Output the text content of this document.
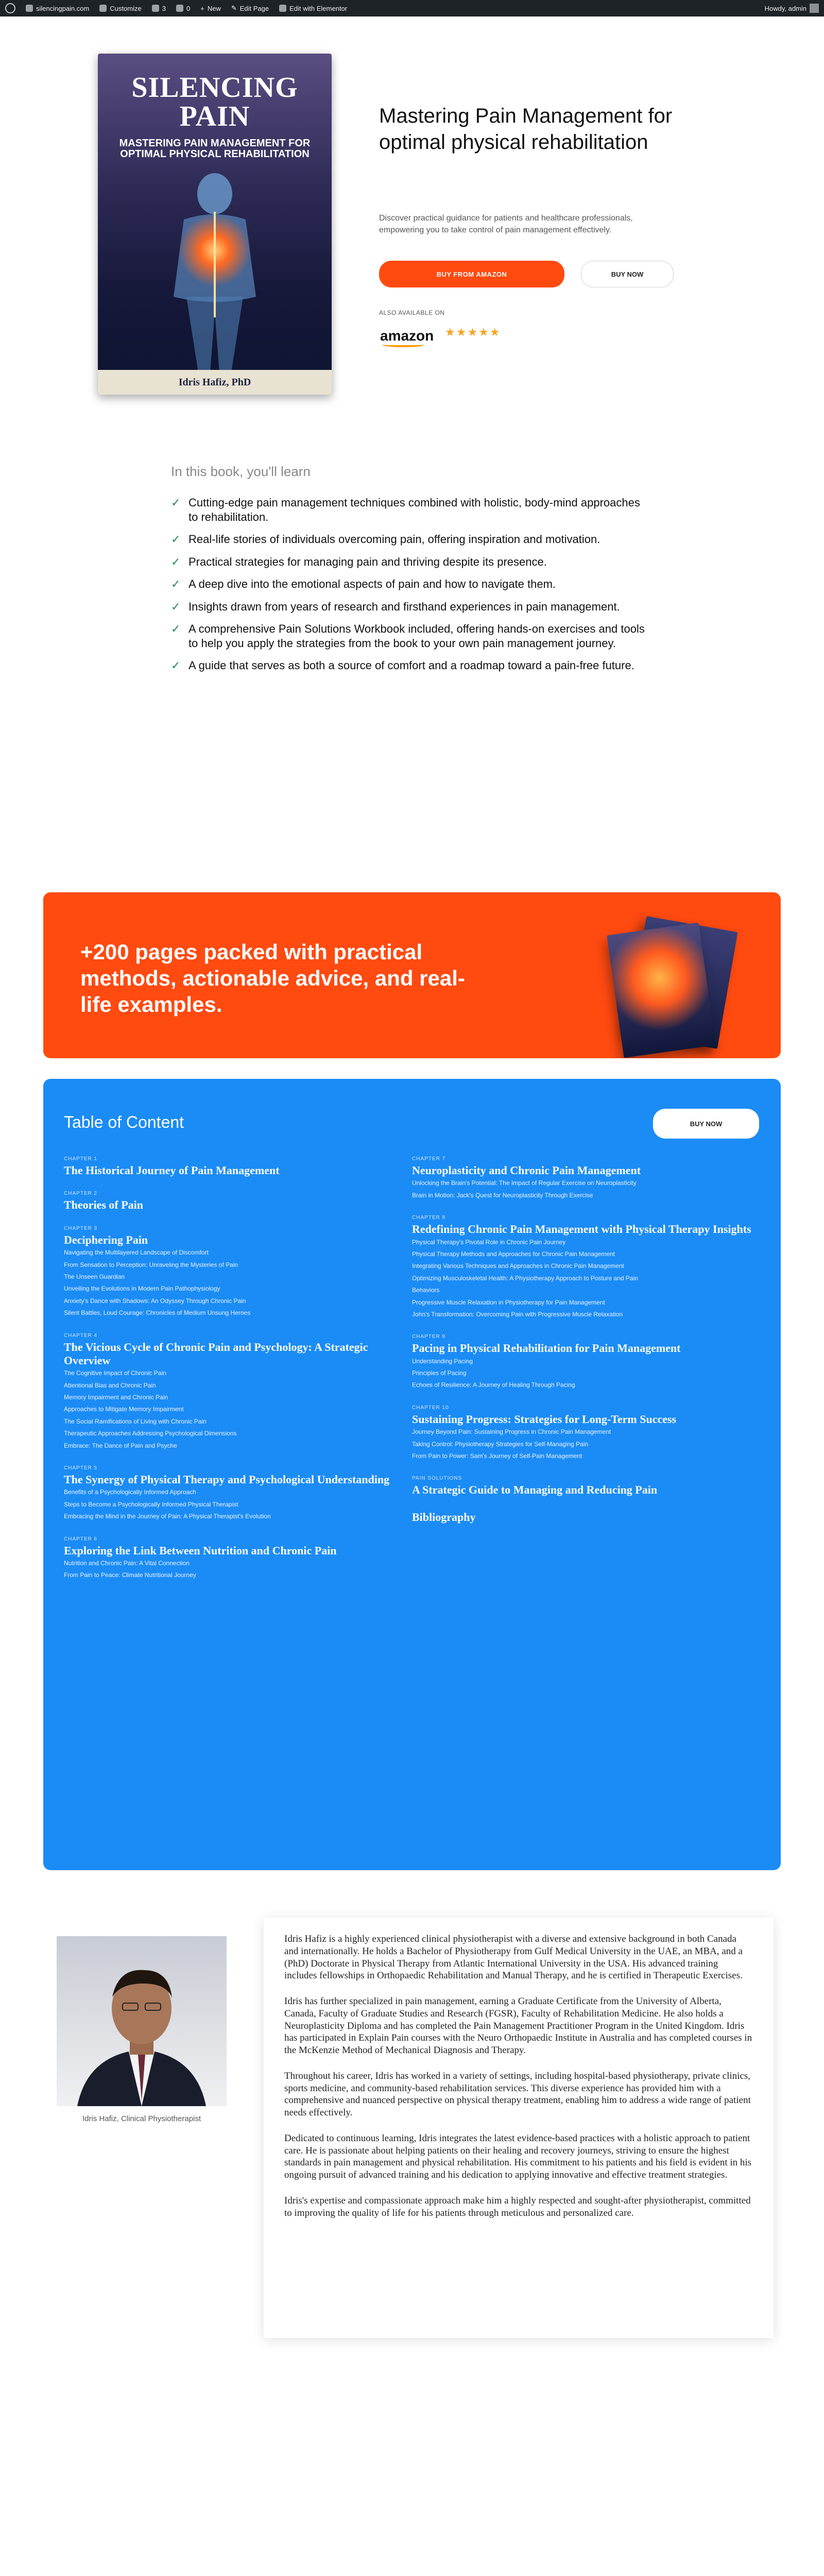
silencingpain.com	Customize	3	0 + New ✎ Edit Page	Edit with Elementor	Howdy, admin
SILENCING PAIN
MASTERING PAIN MANAGEMENT FOR OPTIMAL PHYSICAL REHABILITATION
Idris Hafiz, PhD
Mastering Pain Management for optimal physical rehabilitation
Discover practical guidance for patients and healthcare professionals, empowering you to take control of pain management effectively.
BUY FROM AMAZON	BUY NOW
ALSO AVAILABLE ON
amazon
★★★★★
In this book, you'll learn
✓ Cutting-edge pain management techniques combined with holistic, body-mind approaches to rehabilitation.
✓ Real-life stories of individuals overcoming pain, offering inspiration and motivation.
✓ Practical strategies for managing pain and thriving despite its presence.
✓ A deep dive into the emotional aspects of pain and how to navigate them.
✓ Insights drawn from years of research and firsthand experiences in pain management.
✓ A comprehensive Pain Solutions Workbook included, offering hands-on exercises and tools to help you apply the strategies from the book to your own pain management journey.
✓ A guide that serves as both a source of comfort and a roadmap toward a pain-free future.
+200 pages packed with practical methods, actionable advice, and real-life examples.
Table of Content	BUY NOW
CHAPTER 1
The Historical Journey of Pain Management
CHAPTER 2
Theories of Pain
CHAPTER 3
Deciphering Pain
Navigating the Multilayered Landscape of Discomfort
From Sensation to Perception: Unraveling the Mysteries of Pain
The Unseen Guardian
Unveiling the Evolutions in Modern Pain Pathophysiology
Anxiety's Dance with Shadows: An Odyssey Through Chronic Pain
Silent Battles, Loud Courage: Chronicles of Medium Unsung Heroes
CHAPTER 4
The Vicious Cycle of Chronic Pain and Psychology: A Strategic Overview
The Cognitive Impact of Chronic Pain
Attentional Bias and Chronic Pain
Memory Impairment and Chronic Pain
Approaches to Mitigate Memory Impairment
The Social Ramifications of Living with Chronic Pain
Therapeutic Approaches Addressing Psychological Dimensions
Embrace: The Dance of Pain and Psyche
CHAPTER 5
The Synergy of Physical Therapy and Psychological Understanding
Benefits of a Psychologically Informed Approach
Steps to Become a Psychologically Informed Physical Therapist
Embracing the Mind in the Journey of Pain: A Physical Therapist's Evolution
CHAPTER 6
Exploring the Link Between Nutrition and Chronic Pain
Nutrition and Chronic Pain: A Vital Connection
From Pain to Peace: Climate Nutritional Journey
CHAPTER 7
Neuroplasticity and Chronic Pain Management
Unlocking the Brain's Potential: The Impact of Regular Exercise on Neuroplasticity
Brain in Motion: Jack's Quest for Neuroplasticity Through Exercise
CHAPTER 8
Redefining Chronic Pain Management with Physical Therapy Insights
Physical Therapy's Pivotal Role in Chronic Pain Journey
Physical Therapy Methods and Approaches for Chronic Pain Management
Integrating Various Techniques and Approaches in Chronic Pain Management
Optimizing Musculoskeletal Health: A Physiotherapy Approach to Posture and Pain
Behaviors
Progressive Muscle Relaxation in Physiotherapy for Pain Management
John's Transformation: Overcoming Pain with Progressive Muscle Relaxation
CHAPTER 9
Pacing in Physical Rehabilitation for Pain Management
Understanding Pacing
Principles of Pacing
Echoes of Resilience: A Journey of Healing Through Pacing
CHAPTER 10
Sustaining Progress: Strategies for Long-Term Success
Journey Beyond Pain: Sustaining Progress in Chronic Pain Management
Taking Control: Physiotherapy Strategies for Self-Managing Pain
From Pain to Power: Sam's Journey of Self-Pain Management
PAIN SOLUTIONS
A Strategic Guide to Managing and Reducing Pain
Bibliography
Idris Hafiz, Clinical Physiotherapist

Idris Hafiz is a highly experienced clinical physiotherapist with a diverse and extensive background in both Canada and internationally. He holds a Bachelor of Physiotherapy from Gulf Medical University in the UAE, an MBA, and a (PhD) Doctorate in Physical Therapy from Atlantic International University in the USA. His advanced training includes fellowships in Orthopaedic Rehabilitation and Manual Therapy, and he is certified in Therapeutic Exercises.

Idris has further specialized in pain management, earning a Graduate Certificate from the University of Alberta, Canada, Faculty of Graduate Studies and Research (FGSR), Faculty of Rehabilitation Medicine. He also holds a Neuroplasticity Diploma and has completed the Pain Management Practitioner Program in the United Kingdom. Idris has participated in Explain Pain courses with the Neuro Orthopaedic Institute in Australia and has completed courses in the McKenzie Method of Mechanical Diagnosis and Therapy.

Throughout his career, Idris has worked in a variety of settings, including hospital-based physiotherapy, private clinics, sports medicine, and community-based rehabilitation services. This diverse experience has provided him with a comprehensive and nuanced perspective on physical therapy treatment, enabling him to address a wide range of patient needs effectively.

Dedicated to continuous learning, Idris integrates the latest evidence-based practices with a holistic approach to patient care. He is passionate about helping patients on their healing and recovery journeys, striving to ensure the highest standards in pain management and physical rehabilitation. His commitment to his patients and his field is evident in his ongoing pursuit of advanced training and his dedication to applying innovative and effective treatment strategies.

Idris's expertise and compassionate approach make him a highly respected and sought-after physiotherapist, committed to improving the quality of life for his patients through meticulous and personalized care.
